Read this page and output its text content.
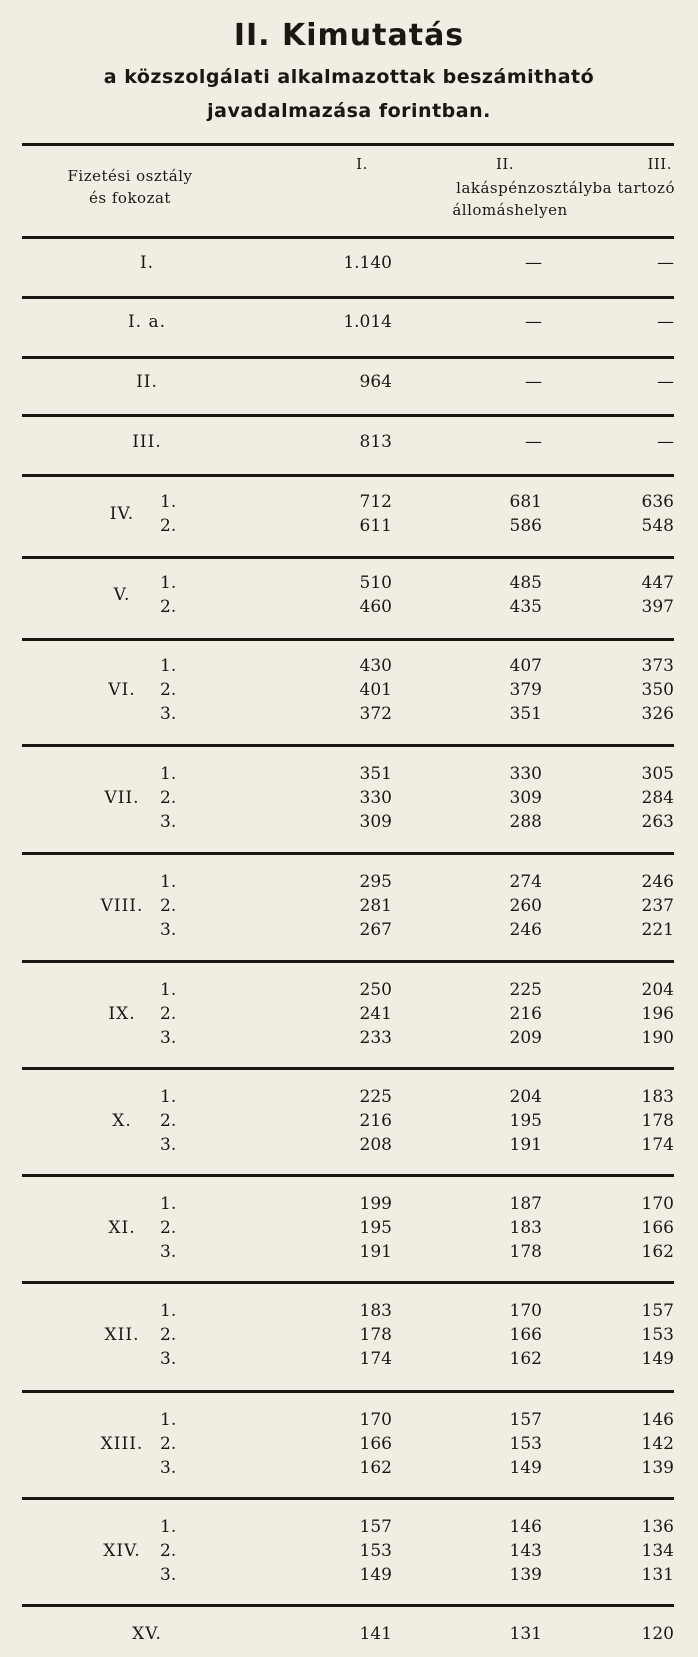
II. Kimutatás
a közszolgálati alkalmazottak beszámitható
javadalmazása forintban.
Fizetési osztály
és fokozat
I.	II.	III.
lakáspénzosztályba tartozó
állomáshelyen
I.	1.140	—	—
I. a.	1.014	—	—
II.	964	—	—
III.	813	—	—
IV.
1.	712	681	636
2.	611	586	548
V.
1.	510	485	447
2.	460	435	397
VI.
1.	430	407	373
2.	401	379	350
3.	372	351	326
VII.
1.	351	330	305
2.	330	309	284
3.	309	288	263
VIII.
1.	295	274	246
2.	281	260	237
3.	267	246	221
IX.
1.	250	225	204
2.	241	216	196
3.	233	209	190
X.
1.	225	204	183
2.	216	195	178
3.	208	191	174
XI.
1.	199	187	170
2.	195	183	166
3.	191	178	162
XII.
1.	183	170	157
2.	178	166	153
3.	174	162	149
XIII.
1.	170	157	146
2.	166	153	142
3.	162	149	139
XIV.
1.	157	146	136
2.	153	143	134
3.	149	139	131
XV.	141	131	120
